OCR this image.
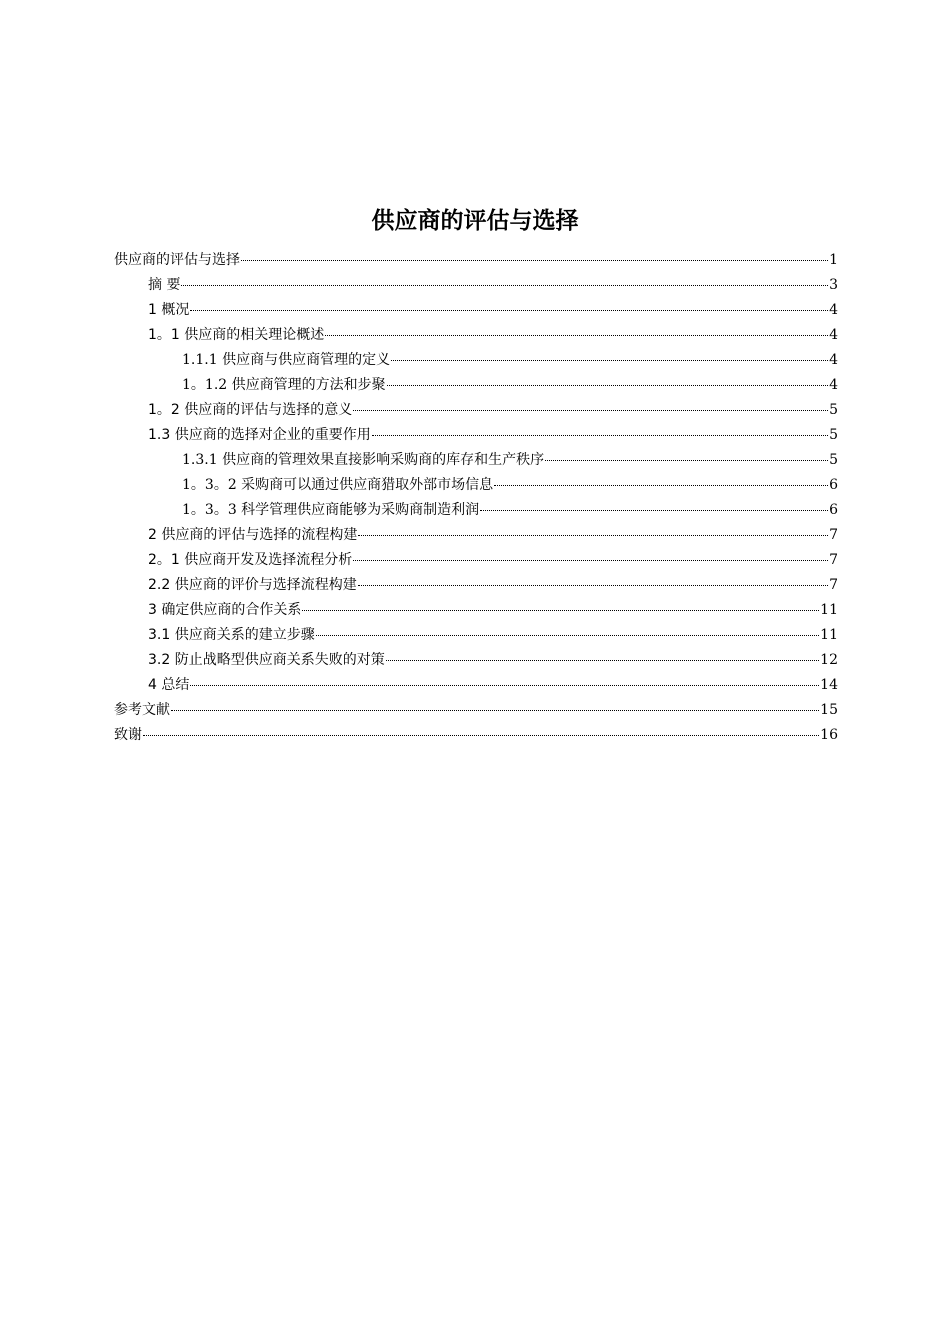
供应商的评估与选择
供应商的评估与选择	1
摘 要	3
1 概况	4
1。1 供应商的相关理论概述	4
1.1.1 供应商与供应商管理的定义	4
1。1.2 供应商管理的方法和步聚	4
1。2 供应商的评估与选择的意义	5
1.3 供应商的选择对企业的重要作用	5
1.3.1 供应商的管理效果直接影响采购商的库存和生产秩序	5
1。3。2 采购商可以通过供应商猎取外部市场信息	6
1。3。3 科学管理供应商能够为采购商制造利润	6
2 供应商的评估与选择的流程构建	7
2。1 供应商开发及选择流程分析	7
2.2 供应商的评价与选择流程构建	7
3 确定供应商的合作关系	11
3.1 供应商关系的建立步骤	11
3.2 防止战略型供应商关系失败的对策	12
4 总结	14
参考文献	15
致谢	16
